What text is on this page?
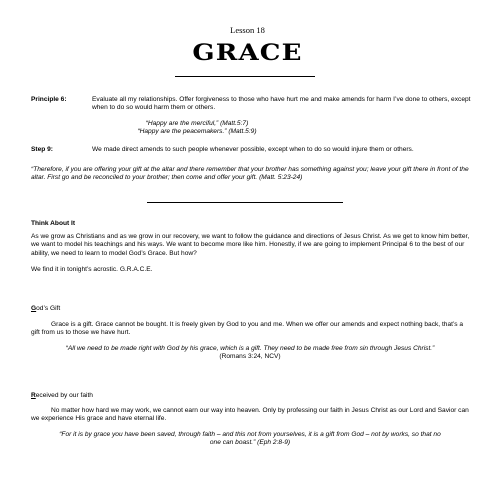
Lesson 18
GRACE
Principle 6:	Evaluate all my relationships. Offer forgiveness to those who have hurt me and make amends for harm I’ve done to others, except when to do so would harm them or others.
“Happy are the merciful,” (Matt.5:7)
“Happy are the peacemakers.” (Matt.5:9)
Step 9:	We made direct amends to such people whenever possible, except when to do so would injure them or others.
“Therefore, if you are offering your gift at the altar and there remember that your brother has something against you; leave your gift there in front of the altar. First go and be reconciled to your brother; then come and offer your gift. (Matt. 5:23-24)
Think About It
As we grow as Christians and as we grow in our recovery, we want to follow the guidance and directions of Jesus Christ. As we get to know him better, we want to model his teachings and his ways. We want to become more like him. Honestly, if we are going to implement Principal 6 to the best of our ability, we need to learn to model God’s Grace. But how?
We find it in tonight’s acrostic. G.R.A.C.E.
God’s Gift
Grace is a gift. Grace cannot be bought. It is freely given by God to you and me. When we offer our amends and expect nothing back, that’s a gift from us to those we have hurt.
“All we need to be made right with God by his grace, which is a gift. They need to be made free from sin through Jesus Christ.” (Romans 3:24, NCV)
Received by our faith
No matter how hard we may work, we cannot earn our way into heaven. Only by professing our faith in Jesus Christ as our Lord and Savior can we experience His grace and have eternal life.
“For it is by grace you have been saved, through faith – and this not from yourselves, it is a gift from God – not by works, so that no one can boast.” (Eph 2:8-9)
